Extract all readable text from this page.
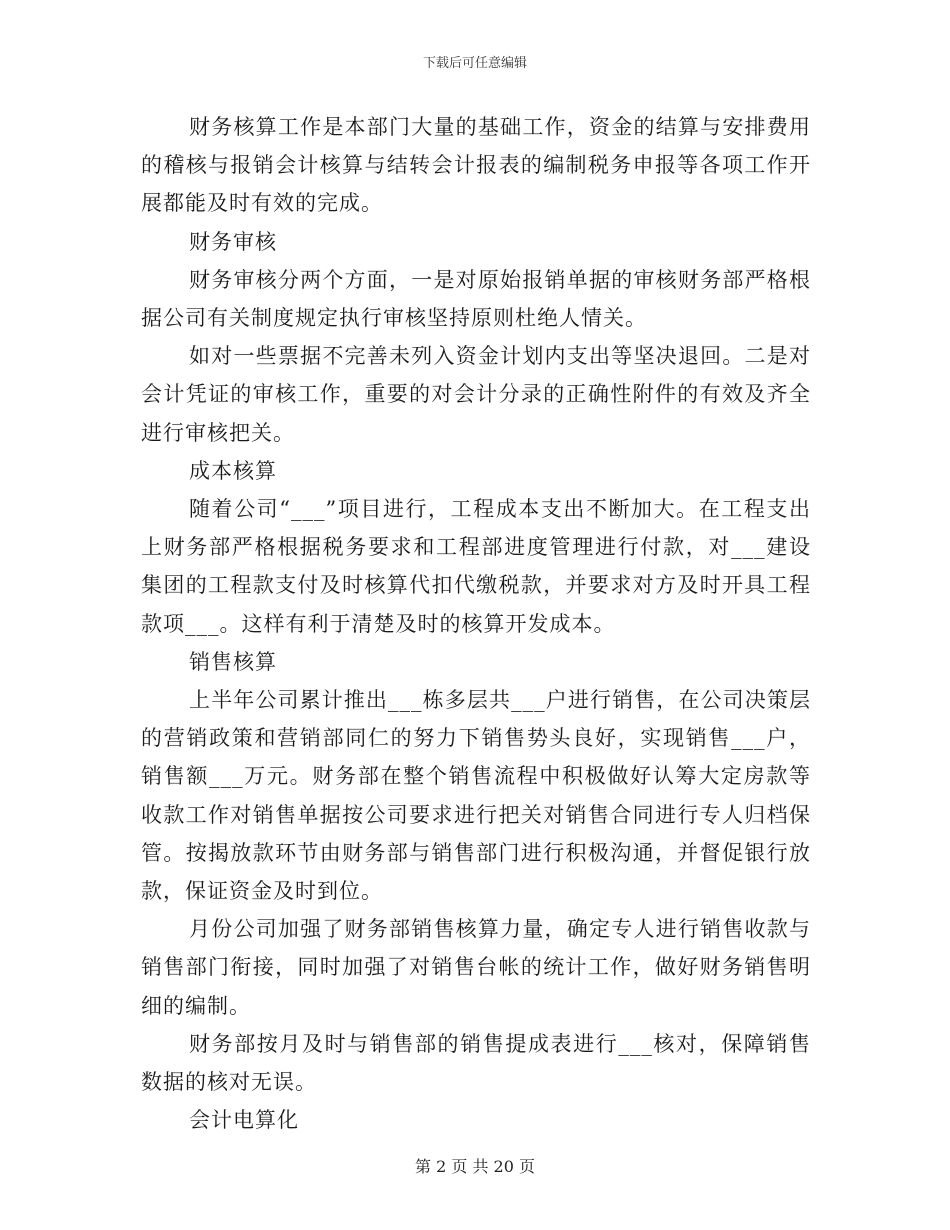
下载后可任意编辑

财务核算工作是本部门大量的基础工作，资金的结算与安排费用的稽核与报销会计核算与结转会计报表的编制税务申报等各项工作开展都能及时有效的完成。

财务审核

财务审核分两个方面，一是对原始报销单据的审核财务部严格根据公司有关制度规定执行审核坚持原则杜绝人情关。

如对一些票据不完善未列入资金计划内支出等坚决退回。二是对会计凭证的审核工作，重要的对会计分录的正确性附件的有效及齐全进行审核把关。

成本核算

随着公司“___”项目进行，工程成本支出不断加大。在工程支出上财务部严格根据税务要求和工程部进度管理进行付款，对___建设集团的工程款支付及时核算代扣代缴税款，并要求对方及时开具工程款项___。这样有利于清楚及时的核算开发成本。

销售核算

上半年公司累计推出___栋多层共___户进行销售，在公司决策层的营销政策和营销部同仁的努力下销售势头良好，实现销售___户，销售额___万元。财务部在整个销售流程中积极做好认筹大定房款等收款工作对销售单据按公司要求进行把关对销售合同进行专人归档保管。按揭放款环节由财务部与销售部门进行积极沟通，并督促银行放款，保证资金及时到位。

月份公司加强了财务部销售核算力量，确定专人进行销售收款与销售部门衔接，同时加强了对销售台帐的统计工作，做好财务销售明细的编制。

财务部按月及时与销售部的销售提成表进行___核对，保障销售数据的核对无误。

会计电算化

第 2 页 共 20 页
